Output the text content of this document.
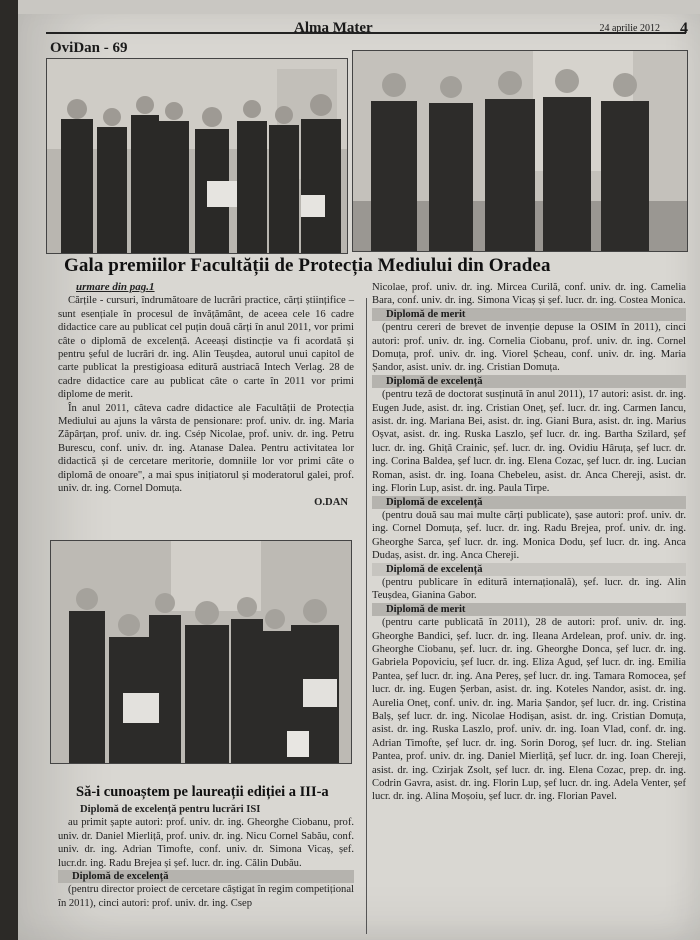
Alma Mater	24 aprilie 2012 4
OviDan - 69
Gala premiilor Facultății de Protecția Mediului din Oradea

urmare din pag.1

Cărțile - cursuri, îndrumătoare de lucrări practice, cărți științifice – sunt esențiale în procesul de învățământ, de aceea cele 16 cadre didactice care au publicat cel puțin două cărți în anul 2011, vor primi câte o diplomă de excelență. Aceeași distincție va fi acordată și pentru șeful de lucrări dr. ing. Alin Teușdea, autorul unui capitol de carte publicat la prestigioasa editură austriacă Intech Verlag. 28 de cadre didactice care au publicat câte o carte în 2011 vor primi diplome de merit.

În anul 2011, câteva cadre didactice ale Facultății de Protecția Mediului au ajuns la vârsta de pensionare: prof. univ. dr. ing. Maria Zăpârțan, prof. univ. dr. ing. Csép Nicolae, prof. univ. dr. ing. Petru Burescu, conf. univ. dr. ing. Atanase Dalea. Pentru activitatea lor didactică și de cercetare meritorie, domniile lor vor primi câte o diplomă de onoare", a mai spus inițiatorul și moderatorul galei, prof. univ. dr. ing. Cornel Domuța.

O.DAN

Să-i cunoaștem pe laureații ediției a III-a

Diplomă de excelență pentru lucrări ISI

au primit șapte autori: prof. univ. dr. ing. Gheorghe Ciobanu, prof. univ. dr. Daniel Mierliță, prof. univ. dr. ing. Nicu Cornel Sabău, conf. univ. dr. ing. Adrian Timofte, conf. univ. dr. Simona Vicaș, șef. lucr.dr. ing. Radu Brejea și șef. lucr. dr. ing. Călin Dubău.

Diplomă de excelență

(pentru director proiect de cercetare câștigat în regim competițional în 2011), cinci autori: prof. univ. dr. ing. Csep

Nicolae, prof. univ. dr. ing. Mircea Curilă, conf. univ. dr. ing. Camelia Bara, conf. univ. dr. ing. Simona Vicaș și șef. lucr. dr. ing. Costea Monica.

Diplomă de merit

(pentru cereri de brevet de invenție depuse la OSIM în 2011), cinci autori: prof. univ. dr. ing. Cornelia Ciobanu, prof. univ. dr. ing. Cornel Domuța, prof. univ. dr. ing. Viorel Șcheau, conf. univ. dr. ing. Maria Șandor, asist. univ. dr. ing. Cristian Domuța.

Diplomă de excelență

(pentru teză de doctorat susținută în anul 2011), 17 autori: asist. dr. ing. Eugen Jude, asist. dr. ing. Cristian Oneț, șef. lucr. dr. ing. Carmen Iancu, asist. dr. ing. Mariana Bei, asist. dr. ing. Giani Bura, asist. dr. ing. Marius Oșvat, asist. dr. ing. Ruska Laszlo, șef lucr. dr. ing. Bartha Szilard, șef lucr. dr. ing. Ghiță Crainic, șef. lucr. dr. ing. Ovidiu Hâruța, șef lucr. dr. ing. Corina Baldea, șef lucr. dr. ing. Elena Cozac, șef lucr. dr. ing. Lucian Roman, asist. dr. ing. Ioana Chebeleu, asist. dr. Anca Chereji, asist. dr. ing. Florin Lup, asist. dr. ing. Paula Tirpe.

Diplomă de excelență

(pentru două sau mai multe cărți publicate), șase autori: prof. univ. dr. ing. Cornel Domuța, șef. lucr. dr. ing. Radu Brejea, prof. univ. dr. ing. Gheorghe Sarca, șef lucr. dr. ing. Monica Dodu, șef lucr. dr. ing. Anca Dudaș, asist. dr. ing. Anca Chereji.

Diplomă de excelență

(pentru publicare în editură internațională), șef. lucr. dr. ing. Alin Teușdea, Gianina Gabor.

Diplomă de merit

(pentru carte publicată în 2011), 28 de autori: prof. univ. dr. ing. Gheorghe Bandici, șef. lucr. dr. ing. Ileana Ardelean, prof. univ. dr. ing. Gheorghe Ciobanu, șef. lucr. dr. ing. Gheorghe Donca, șef lucr. dr. ing. Gabriela Popoviciu, șef lucr. dr. ing. Eliza Agud, șef lucr. dr. ing. Emilia Pantea, șef lucr. dr. ing. Ana Pereș, șef lucr. dr. ing. Tamara Romocea, șef lucr. dr. ing. Eugen Șerban, asist. dr. ing. Koteles Nandor, asist. dr. ing. Aurelia Oneț, conf. univ. dr. ing. Maria Șandor, șef lucr. dr. ing. Cristina Balș, șef lucr. dr. ing. Nicolae Hodișan, asist. dr. ing. Cristian Domuța, asist. dr. ing. Ruska Laszlo, prof. univ. dr. ing. Ioan Vlad, conf. dr. ing. Adrian Timofte, șef lucr. dr. ing. Sorin Dorog, șef lucr. dr. ing. Stelian Pantea, prof. univ. dr. ing. Daniel Mierliță, șef lucr. dr. ing. Ioan Chereji, asist. dr. ing. Czirjak Zsolt, șef lucr. dr. ing. Elena Cozac, prep. dr. ing. Codrin Gavra, asist. dr. ing. Florin Lup, șef lucr. dr. ing. Adela Venter, șef lucr. dr. ing. Alina Moșoiu, șef lucr. dr. ing. Florian Pavel.
